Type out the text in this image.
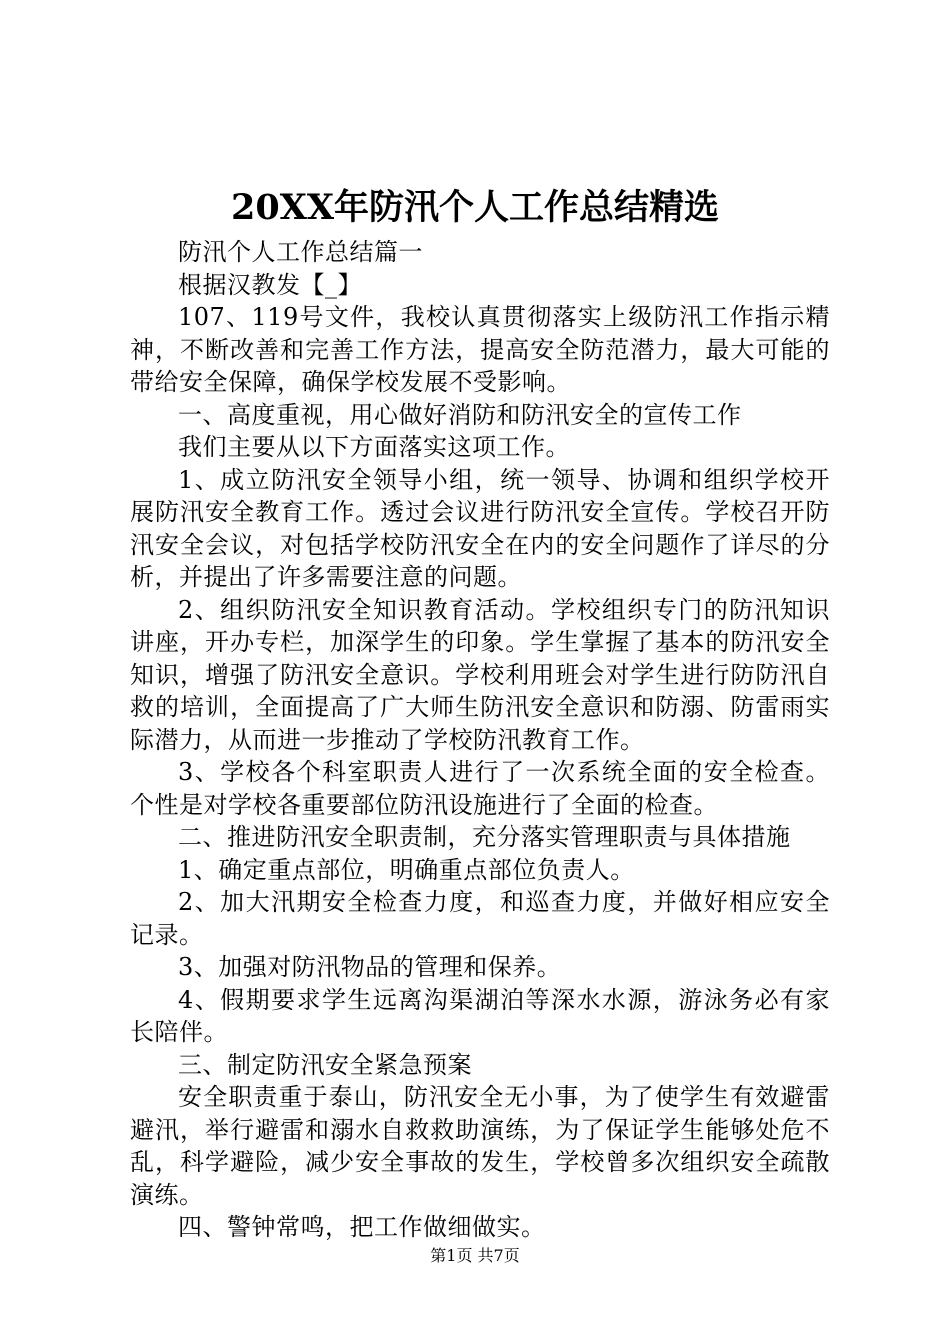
20XX年防汛个人工作总结精选

防汛个人工作总结篇一

根据汉教发【_】

107、119号文件，我校认真贯彻落实上级防汛工作指示精神，不断改善和完善工作方法，提高安全防范潜力，最大可能的带给安全保障，确保学校发展不受影响。

一、高度重视，用心做好消防和防汛安全的宣传工作

我们主要从以下方面落实这项工作。

1、成立防汛安全领导小组，统一领导、协调和组织学校开展防汛安全教育工作。透过会议进行防汛安全宣传。学校召开防汛安全会议，对包括学校防汛安全在内的安全问题作了详尽的分析，并提出了许多需要注意的问题。

2、组织防汛安全知识教育活动。学校组织专门的防汛知识讲座，开办专栏，加深学生的印象。学生掌握了基本的防汛安全知识，增强了防汛安全意识。学校利用班会对学生进行防防汛自救的培训，全面提高了广大师生防汛安全意识和防溺、防雷雨实际潜力，从而进一步推动了学校防汛教育工作。

3、学校各个科室职责人进行了一次系统全面的安全检查。个性是对学校各重要部位防汛设施进行了全面的检查。

二、推进防汛安全职责制，充分落实管理职责与具体措施

1、确定重点部位，明确重点部位负责人。

2、加大汛期安全检查力度，和巡查力度，并做好相应安全记录。

3、加强对防汛物品的管理和保养。

4、假期要求学生远离沟渠湖泊等深水水源，游泳务必有家长陪伴。

三、制定防汛安全紧急预案

安全职责重于泰山，防汛安全无小事，为了使学生有效避雷避汛，举行避雷和溺水自救救助演练，为了保证学生能够处危不乱，科学避险，减少安全事故的发生，学校曾多次组织安全疏散演练。

四、警钟常鸣，把工作做细做实。

第1页 共7页
